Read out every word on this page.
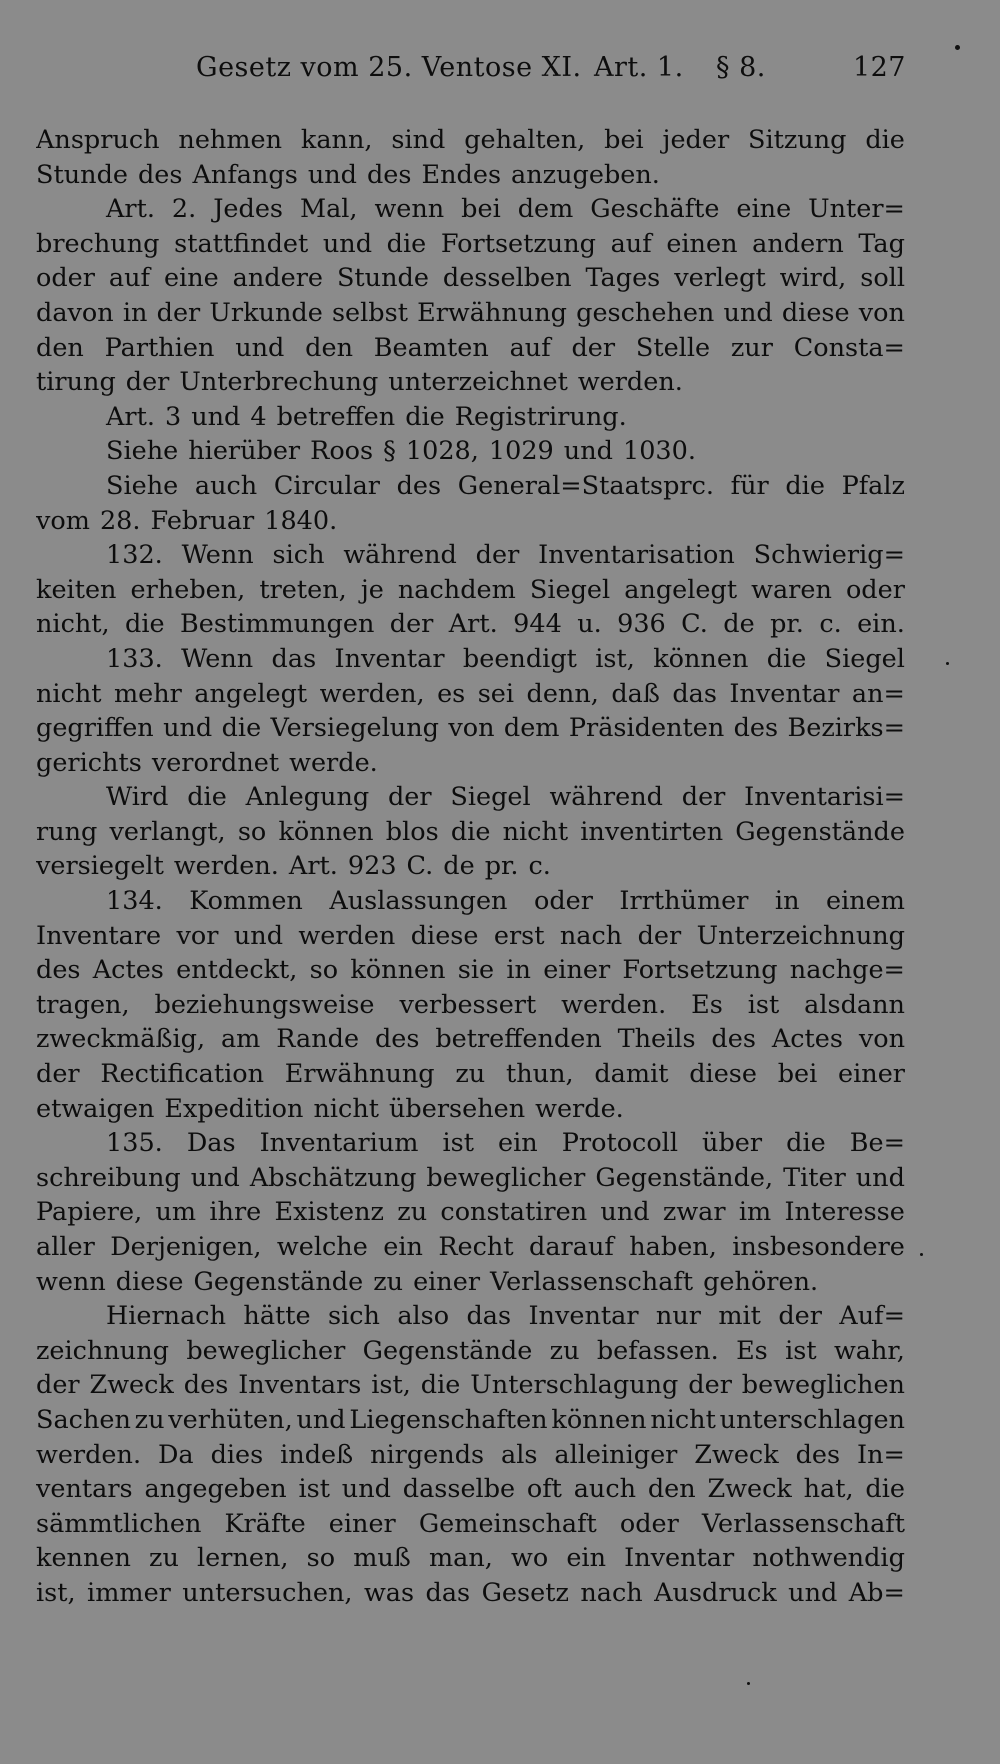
Gesetz vom 25. Ventose XI. Art. 1. § 8.	127
Anspruch nehmen kann, sind gehalten, bei jeder Sitzung die
Stunde des Anfangs und des Endes anzugeben.
Art. 2. Jedes Mal, wenn bei dem Geschäfte eine Unter=
brechung stattfindet und die Fortsetzung auf einen andern Tag
oder auf eine andere Stunde desselben Tages verlegt wird, soll
davon in der Urkunde selbst Erwähnung geschehen und diese von
den Parthien und den Beamten auf der Stelle zur Consta=
tirung der Unterbrechung unterzeichnet werden.
Art. 3 und 4 betreffen die Registrirung.
Siehe hierüber Roos § 1028, 1029 und 1030.
Siehe auch Circular des General=Staatsprc. für die Pfalz
vom 28. Februar 1840.
132. Wenn sich während der Inventarisation Schwierig=
keiten erheben, treten, je nachdem Siegel angelegt waren oder
nicht, die Bestimmungen der Art. 944 u. 936 C. de pr. c. ein.
133. Wenn das Inventar beendigt ist, können die Siegel
nicht mehr angelegt werden, es sei denn, daß das Inventar an=
gegriffen und die Versiegelung von dem Präsidenten des Bezirks=
gerichts verordnet werde.
Wird die Anlegung der Siegel während der Inventarisi=
rung verlangt, so können blos die nicht inventirten Gegenstände
versiegelt werden. Art. 923 C. de pr. c.
134. Kommen Auslassungen oder Irrthümer in einem
Inventare vor und werden diese erst nach der Unterzeichnung
des Actes entdeckt, so können sie in einer Fortsetzung nachge=
tragen, beziehungsweise verbessert werden. Es ist alsdann
zweckmäßig, am Rande des betreffenden Theils des Actes von
der Rectification Erwähnung zu thun, damit diese bei einer
etwaigen Expedition nicht übersehen werde.
135. Das Inventarium ist ein Protocoll über die Be=
schreibung und Abschätzung beweglicher Gegenstände, Titer und
Papiere, um ihre Existenz zu constatiren und zwar im Interesse
aller Derjenigen, welche ein Recht darauf haben, insbesondere
wenn diese Gegenstände zu einer Verlassenschaft gehören.
Hiernach hätte sich also das Inventar nur mit der Auf=
zeichnung beweglicher Gegenstände zu befassen. Es ist wahr,
der Zweck des Inventars ist, die Unterschlagung der beweglichen
Sachen zu verhüten, und Liegenschaften können nicht unterschlagen
werden. Da dies indeß nirgends als alleiniger Zweck des In=
ventars angegeben ist und dasselbe oft auch den Zweck hat, die
sämmtlichen Kräfte einer Gemeinschaft oder Verlassenschaft
kennen zu lernen, so muß man, wo ein Inventar nothwendig
ist, immer untersuchen, was das Gesetz nach Ausdruck und Ab=
